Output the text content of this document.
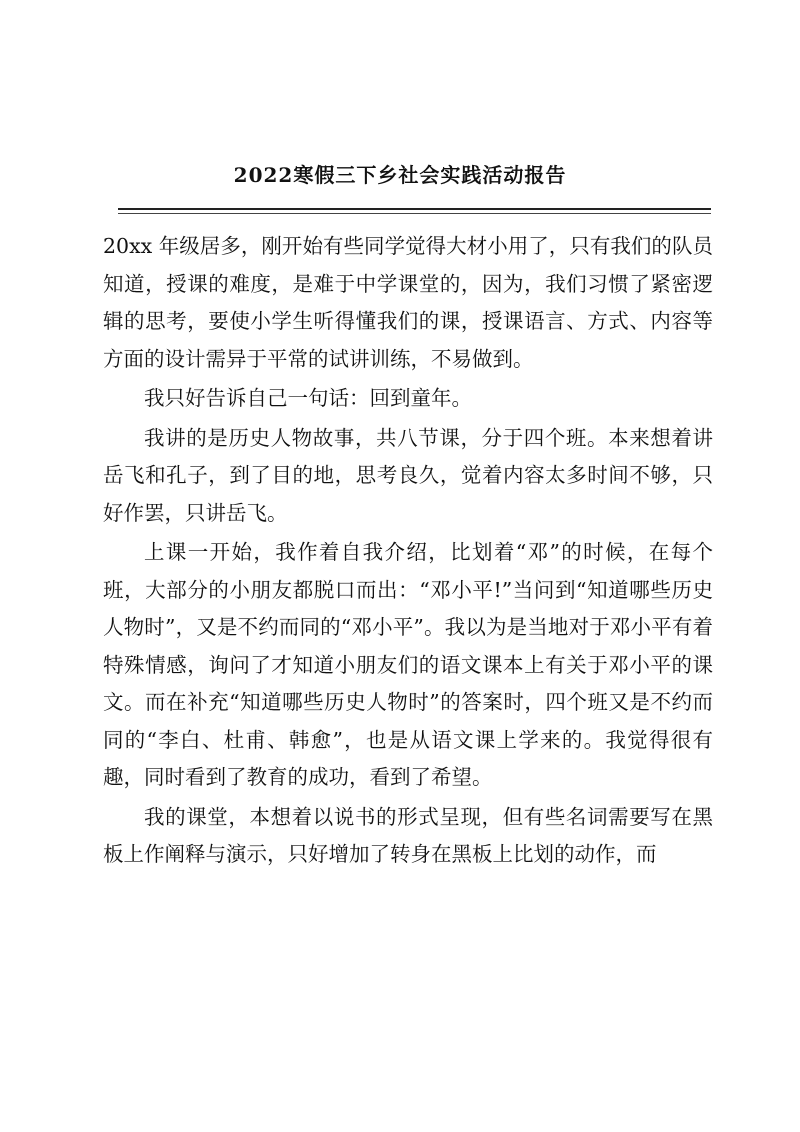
2022寒假三下乡社会实践活动报告

20xx 年级居多，刚开始有些同学觉得大材小用了，只有我们的队员知道，授课的难度，是难于中学课堂的，因为，我们习惯了紧密逻辑的思考，要使小学生听得懂我们的课，授课语言、方式、内容等方面的设计需异于平常的试讲训练，不易做到。

我只好告诉自己一句话：回到童年。

我讲的是历史人物故事，共八节课，分于四个班。本来想着讲岳飞和孔子，到了目的地，思考良久，觉着内容太多时间不够，只好作罢，只讲岳飞。

上课一开始，我作着自我介绍，比划着“邓”的时候，在每个班，大部分的小朋友都脱口而出：“邓小平!”当问到“知道哪些历史人物时”，又是不约而同的“邓小平”。我以为是当地对于邓小平有着特殊情感，询问了才知道小朋友们的语文课本上有关于邓小平的课文。而在补充“知道哪些历史人物时”的答案时，四个班又是不约而同的“李白、杜甫、韩愈”，也是从语文课上学来的。我觉得很有趣，同时看到了教育的成功，看到了希望。

我的课堂，本想着以说书的形式呈现，但有些名词需要写在黑板上作阐释与演示，只好增加了转身在黑板上比划的动作，而
